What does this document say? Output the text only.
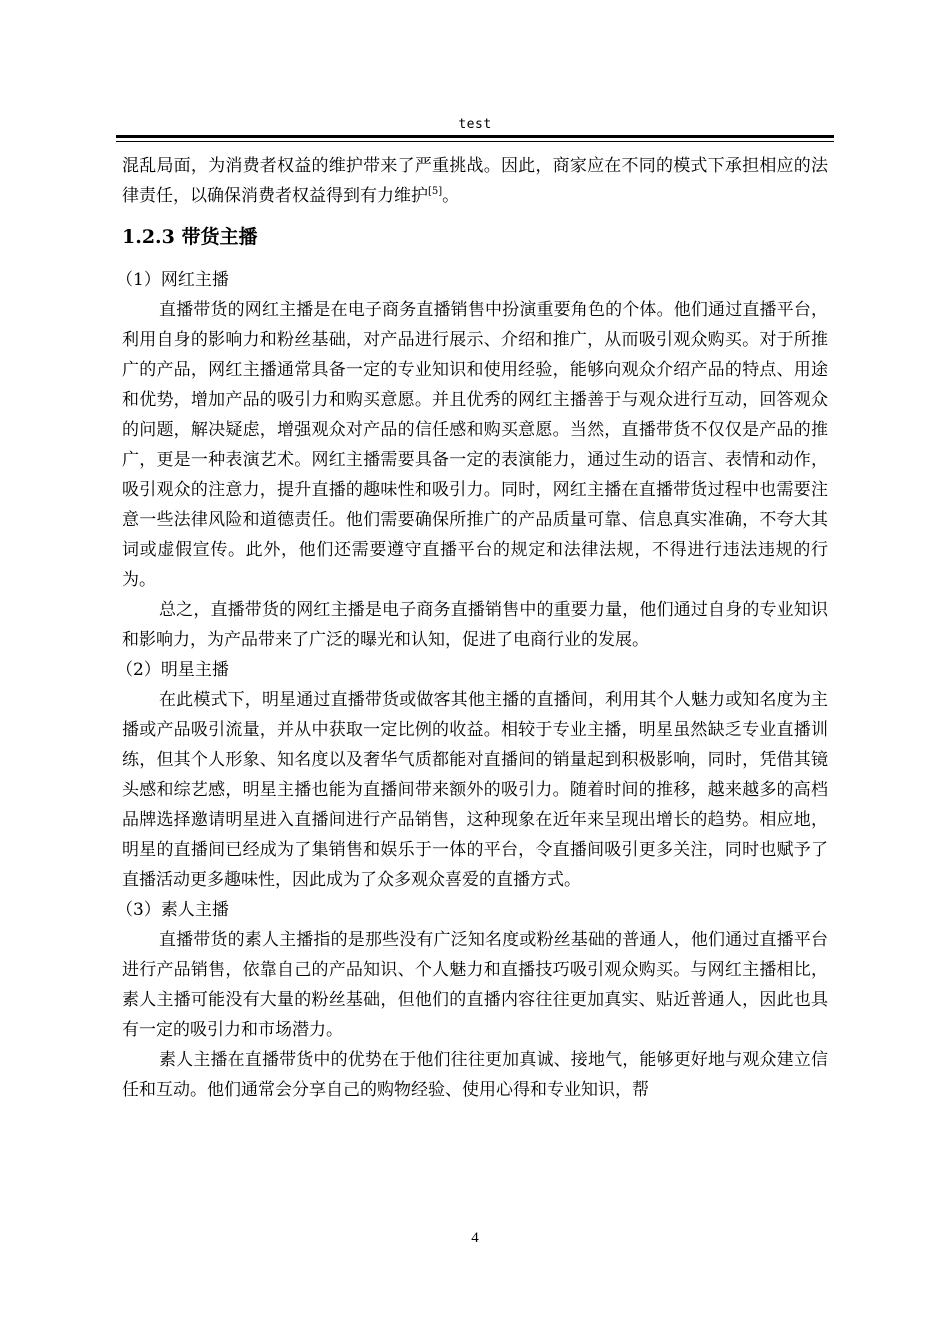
test

混乱局面，为消费者权益的维护带来了严重挑战。因此，商家应在不同的模式下承担相应的法律责任，以确保消费者权益得到有力维护[5]。

1.2.3 带货主播

（1）网红主播

直播带货的网红主播是在电子商务直播销售中扮演重要角色的个体。他们通过直播平台，利用自身的影响力和粉丝基础，对产品进行展示、介绍和推广，从而吸引观众购买。对于所推广的产品，网红主播通常具备一定的专业知识和使用经验，能够向观众介绍产品的特点、用途和优势，增加产品的吸引力和购买意愿。并且优秀的网红主播善于与观众进行互动，回答观众的问题，解决疑虑，增强观众对产品的信任感和购买意愿。当然，直播带货不仅仅是产品的推广，更是一种表演艺术。网红主播需要具备一定的表演能力，通过生动的语言、表情和动作，吸引观众的注意力，提升直播的趣味性和吸引力。同时，网红主播在直播带货过程中也需要注意一些法律风险和道德责任。他们需要确保所推广的产品质量可靠、信息真实准确，不夸大其词或虚假宣传。此外，他们还需要遵守直播平台的规定和法律法规，不得进行违法违规的行为。

总之，直播带货的网红主播是电子商务直播销售中的重要力量，他们通过自身的专业知识和影响力，为产品带来了广泛的曝光和认知，促进了电商行业的发展。

（2）明星主播

在此模式下，明星通过直播带货或做客其他主播的直播间，利用其个人魅力或知名度为主播或产品吸引流量，并从中获取一定比例的收益。相较于专业主播，明星虽然缺乏专业直播训练，但其个人形象、知名度以及奢华气质都能对直播间的销量起到积极影响，同时，凭借其镜头感和综艺感，明星主播也能为直播间带来额外的吸引力。随着时间的推移，越来越多的高档品牌选择邀请明星进入直播间进行产品销售，这种现象在近年来呈现出增长的趋势。相应地，明星的直播间已经成为了集销售和娱乐于一体的平台，令直播间吸引更多关注，同时也赋予了直播活动更多趣味性，因此成为了众多观众喜爱的直播方式。

（3）素人主播

直播带货的素人主播指的是那些没有广泛知名度或粉丝基础的普通人，他们通过直播平台进行产品销售，依靠自己的产品知识、个人魅力和直播技巧吸引观众购买。与网红主播相比，素人主播可能没有大量的粉丝基础，但他们的直播内容往往更加真实、贴近普通人，因此也具有一定的吸引力和市场潜力。

素人主播在直播带货中的优势在于他们往往更加真诚、接地气，能够更好地与观众建立信任和互动。他们通常会分享自己的购物经验、使用心得和专业知识，帮

4
